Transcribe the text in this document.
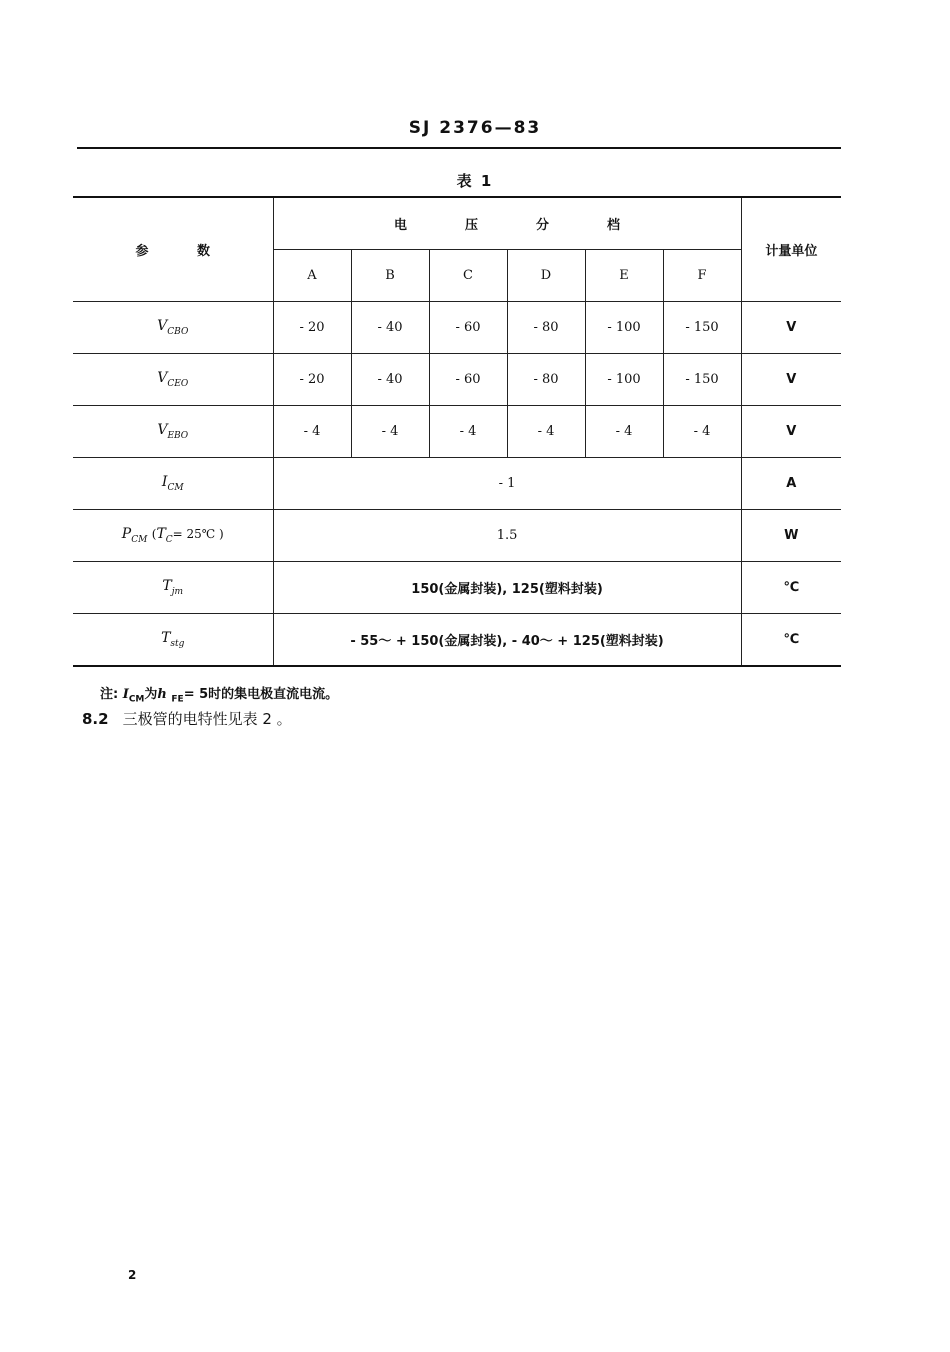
SJ 2376—83
表 1
参 数	电压分档						计量单位
	A	B	C	D	E	F	
$V_{CBO}$	- 20	- 40	- 60	- 80	- 100	- 150	V
$V_{CEO}$	- 20	- 40	- 60	- 80	- 100	- 150	V
$V_{EBO}$	- 4	- 4	- 4	- 4	- 4	- 4	V
$I_{CM}$	- 1						A
$P_{CM}$ ($T_C=$ 25℃ )	1.5						W
$T_{jm}$	150(金属封装), 125(塑料封装)						℃
$T_{stg}$	- 55～ + 150(金属封装), - 40～ + 125(塑料封装)						℃
注: $I_{CM}$为h $_{FE}$= 5时的集电极直流电流。
8.2 三极管的电特性见表 2 。
2
